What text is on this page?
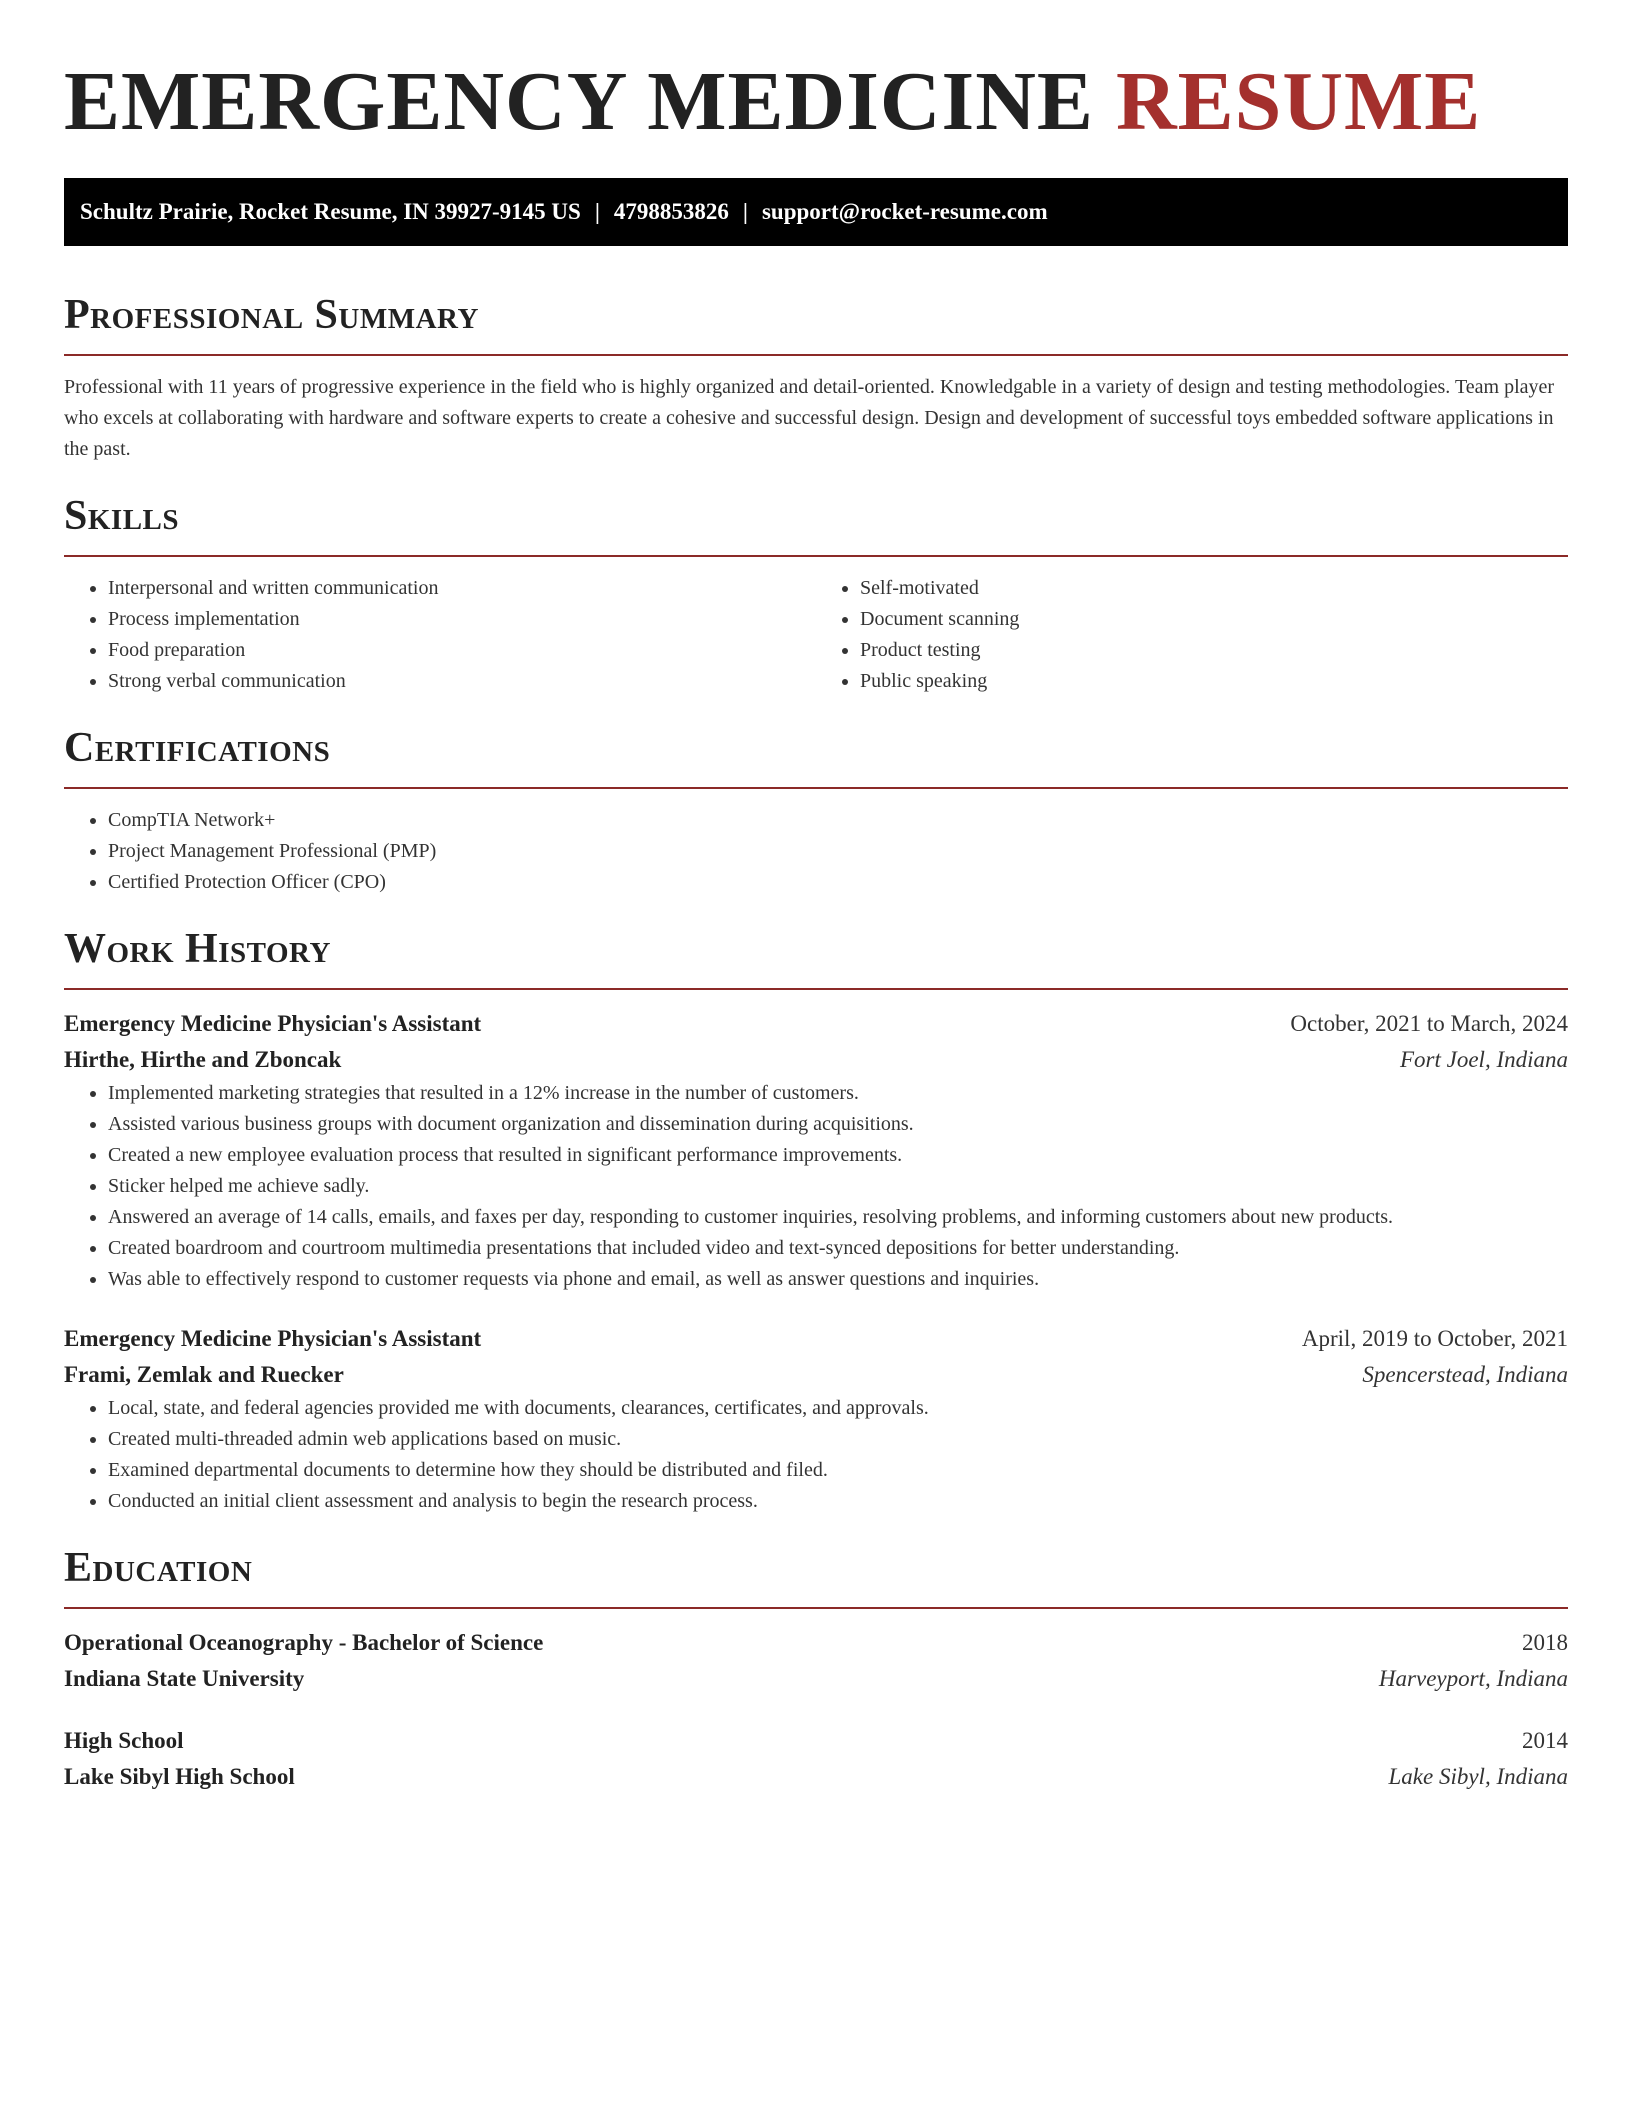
EMERGENCY MEDICINE RESUME
Schultz Prairie, Rocket Resume, IN 39927-9145 US | 4798853826 | support@rocket-resume.com
Professional Summary

Professional with 11 years of progressive experience in the field who is highly organized and detail-oriented. Knowledgable in a variety of design and testing methodologies. Team player who excels at collaborating with hardware and software experts to create a cohesive and successful design. Design and development of successful toys embedded software applications in the past.

Skills
• Interpersonal and written communication
• Process implementation
• Food preparation
• Strong verbal communication
• Self-motivated
• Document scanning
• Product testing
• Public speaking
Certifications
• CompTIA Network+
• Project Management Professional (PMP)
• Certified Protection Officer (CPO)
Work History
Emergency Medicine Physician's Assistant	October, 2021 to March, 2024
Hirthe, Hirthe and Zboncak	Fort Joel, Indiana
• Implemented marketing strategies that resulted in a 12% increase in the number of customers.
• Assisted various business groups with document organization and dissemination during acquisitions.
• Created a new employee evaluation process that resulted in significant performance improvements.
• Sticker helped me achieve sadly.
• Answered an average of 14 calls, emails, and faxes per day, responding to customer inquiries, resolving problems, and informing customers about new products.
• Created boardroom and courtroom multimedia presentations that included video and text-synced depositions for better understanding.
• Was able to effectively respond to customer requests via phone and email, as well as answer questions and inquiries.
Emergency Medicine Physician's Assistant	April, 2019 to October, 2021
Frami, Zemlak and Ruecker	Spencerstead, Indiana
• Local, state, and federal agencies provided me with documents, clearances, certificates, and approvals.
• Created multi-threaded admin web applications based on music.
• Examined departmental documents to determine how they should be distributed and filed.
• Conducted an initial client assessment and analysis to begin the research process.
Education
Operational Oceanography - Bachelor of Science	2018
Indiana State University	Harveyport, Indiana
High School	2014
Lake Sibyl High School	Lake Sibyl, Indiana
